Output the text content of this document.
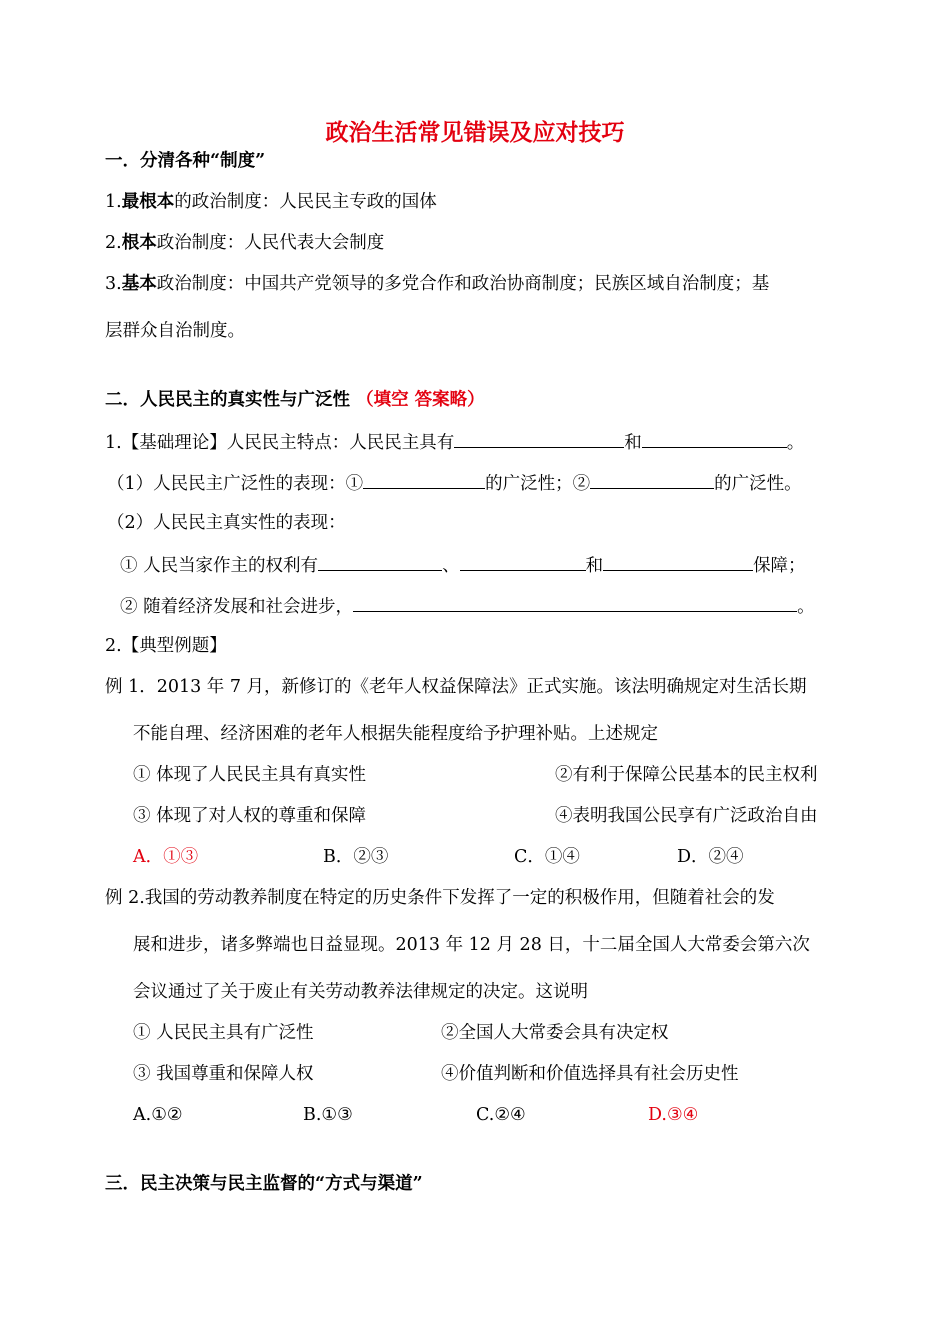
政治生活常见错误及应对技巧
一．分清各种“制度”
1.最根本的政治制度：人民民主专政的国体
2.根本政治制度：人民代表大会制度
3.基本政治制度：中国共产党领导的多党合作和政治协商制度；民族区域自治制度；基
层群众自治制度。
二．人民民主的真实性与广泛性 （填空 答案略）
1.【基础理论】人民民主特点：人民民主具有	和	。
（1）人民民主广泛性的表现：①	的广泛性；②	的广泛性。
（2）人民民主真实性的表现：
① 人民当家作主的权利有	、	和	保障；
② 随着经济发展和社会进步，	。
2.【典型例题】
例 1．2013 年 7 月，新修订的《老年人权益保障法》正式实施。该法明确规定对生活长期
不能自理、经济困难的老年人根据失能程度给予护理补贴。上述规定
① 体现了人民民主具有真实性	②有利于保障公民基本的民主权利
③ 体现了对人权的尊重和保障	④表明我国公民享有广泛政治自由
A．①③	B．②③	C．①④	D．②④
例 2.我国的劳动教养制度在特定的历史条件下发挥了一定的积极作用，但随着社会的发
展和进步，诸多弊端也日益显现。2013 年 12 月 28 日，十二届全国人大常委会第六次
会议通过了关于废止有关劳动教养法律规定的决定。这说明
① 人民民主具有广泛性	②全国人大常委会具有决定权
③ 我国尊重和保障人权	④价值判断和价值选择具有社会历史性
A.①②	B.①③	C.②④	D.③④
三．民主决策与民主监督的“方式与渠道”
